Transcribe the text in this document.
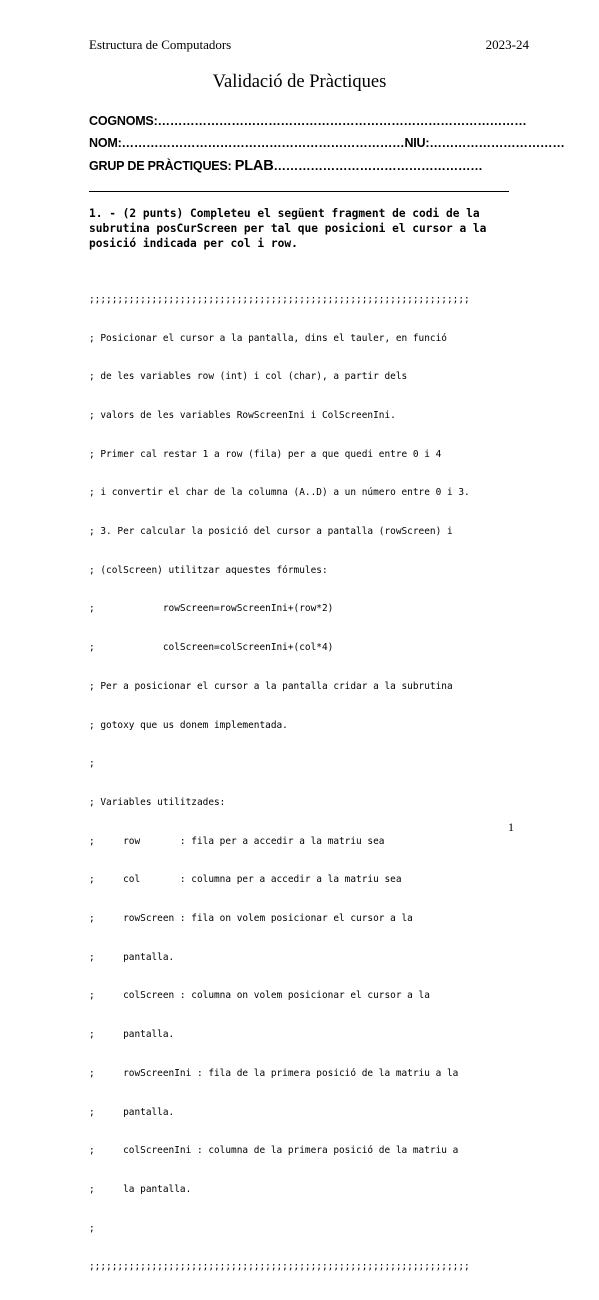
Estructura de Computadors	2023-24
Validació de Pràctiques
COGNOMS:………………………………………………………………………………
NOM:……………………………………………………………NIU:……………………………
GRUP DE PRÀCTIQUES: PLAB……………………………………………
1. - (2 punts) Completeu el següent fragment de codi de la
subrutina posCurScreen per tal que posicioni el cursor a la
posició indicada per col i row.

;;;;;;;;;;;;;;;;;;;;;;;;;;;;;;;;;;;;;;;;;;;;;;;;;;;;;;;;;;;;;;;;;;;

; Posicionar el cursor a la pantalla, dins el tauler, en funció

; de les variables row (int) i col (char), a partir dels

; valors de les variables RowScreenIni i ColScreenIni.

; Primer cal restar 1 a row (fila) per a que quedi entre 0 i 4

; i convertir el char de la columna (A..D) a un número entre 0 i 3.

; 3. Per calcular la posició del cursor a pantalla (rowScreen) i

; (colScreen) utilitzar aquestes fórmules:

;            rowScreen=rowScreenIni+(row*2)

;            colScreen=colScreenIni+(col*4)

; Per a posicionar el cursor a la pantalla cridar a la subrutina

; gotoxy que us donem implementada.

;

; Variables utilitzades:

;     row       : fila per a accedir a la matriu sea

;     col       : columna per a accedir a la matriu sea

;     rowScreen : fila on volem posicionar el cursor a la

;     pantalla.

;     colScreen : columna on volem posicionar el cursor a la

;     pantalla.

;     rowScreenIni : fila de la primera posició de la matriu a la

;     pantalla.

;     colScreenIni : columna de la primera posició de la matriu a

;     la pantalla.

;

;;;;;;;;;;;;;;;;;;;;;;;;;;;;;;;;;;;;;;;;;;;;;;;;;;;;;;;;;;;;;;;;;;;

1
